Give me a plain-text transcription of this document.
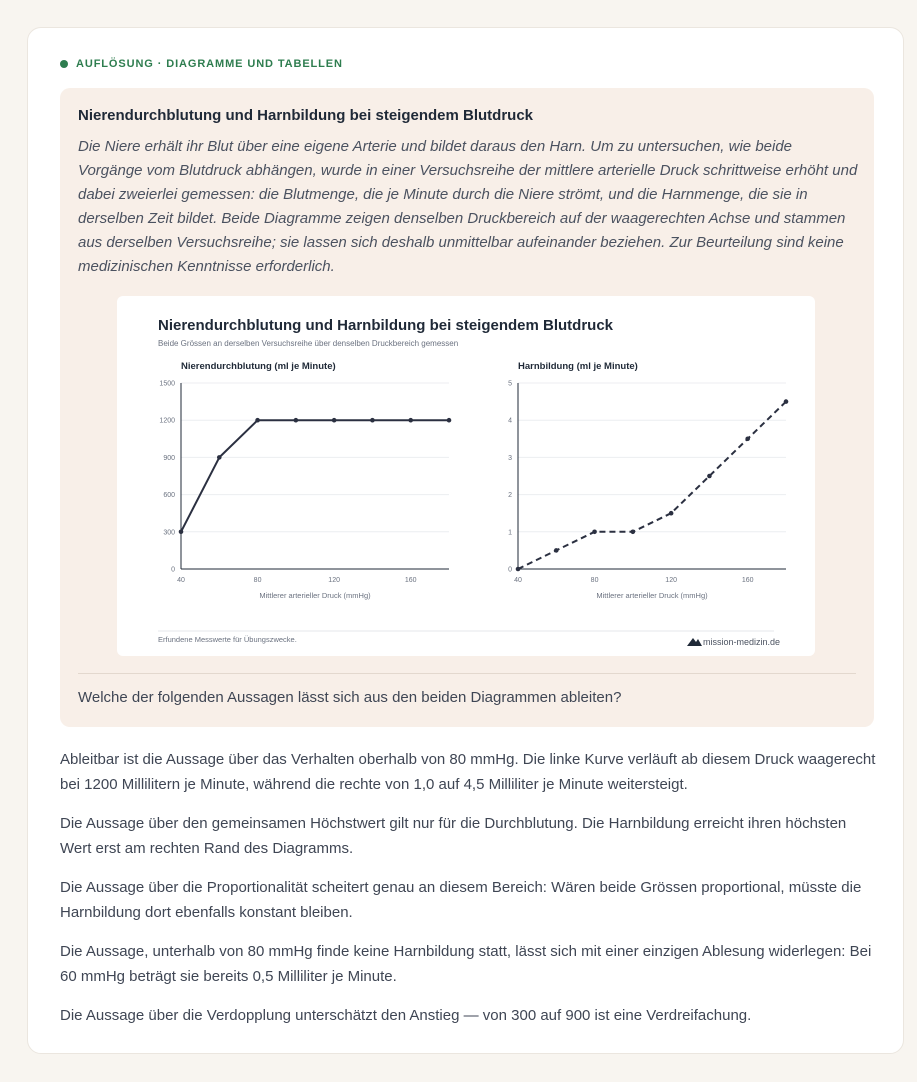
AUFLÖSUNG · DIAGRAMME UND TABELLEN
Nierendurchblutung und Harnbildung bei steigendem Blutdruck

Die Niere erhält ihr Blut über eine eigene Arterie und bildet daraus den Harn. Um zu untersuchen, wie beide Vorgänge vom Blutdruck abhängen, wurde in einer Versuchsreihe der mittlere arterielle Druck schrittweise erhöht und dabei zweierlei gemessen: die Blutmenge, die je Minute durch die Niere strömt, und die Harnmenge, die sie in derselben Zeit bildet. Beide Diagramme zeigen denselben Druckbereich auf der waagerechten Achse und stammen aus derselben Versuchsreihe; sie lassen sich deshalb unmittelbar aufeinander beziehen. Zur Beurteilung sind keine medizinischen Kenntnisse erforderlich.

Nierendurchblutung und Harnbildung bei steigendem Blutdruck
Beide Grössen an derselben Versuchsreihe über denselben Druckbereich gemessen
Nierendurchblutung (ml je Minute)
0
300
600
900
1200
1500
40	80	120	160
Mittlerer arterieller Druck (mmHg)
Harnbildung (ml je Minute)
0
1
2
3
4
5
40	80	120	160
Mittlerer arterieller Druck (mmHg)
Erfundene Messwerte für Übungszwecke.	mission-medizin.de
Welche der folgenden Aussagen lässt sich aus den beiden Diagrammen ableiten?

Ableitbar ist die Aussage über das Verhalten oberhalb von 80 mmHg. Die linke Kurve verläuft ab diesem Druck waagerecht bei 1200 Millilitern je Minute, während die rechte von 1,0 auf 4,5 Milliliter je Minute weitersteigt.

Die Aussage über den gemeinsamen Höchstwert gilt nur für die Durchblutung. Die Harnbildung erreicht ihren höchsten Wert erst am rechten Rand des Diagramms.

Die Aussage über die Proportionalität scheitert genau an diesem Bereich: Wären beide Grössen proportional, müsste die Harnbildung dort ebenfalls konstant bleiben.

Die Aussage, unterhalb von 80 mmHg finde keine Harnbildung statt, lässt sich mit einer einzigen Ablesung widerlegen: Bei 60 mmHg beträgt sie bereits 0,5 Milliliter je Minute.

Die Aussage über die Verdopplung unterschätzt den Anstieg — von 300 auf 900 ist eine Verdreifachung.
